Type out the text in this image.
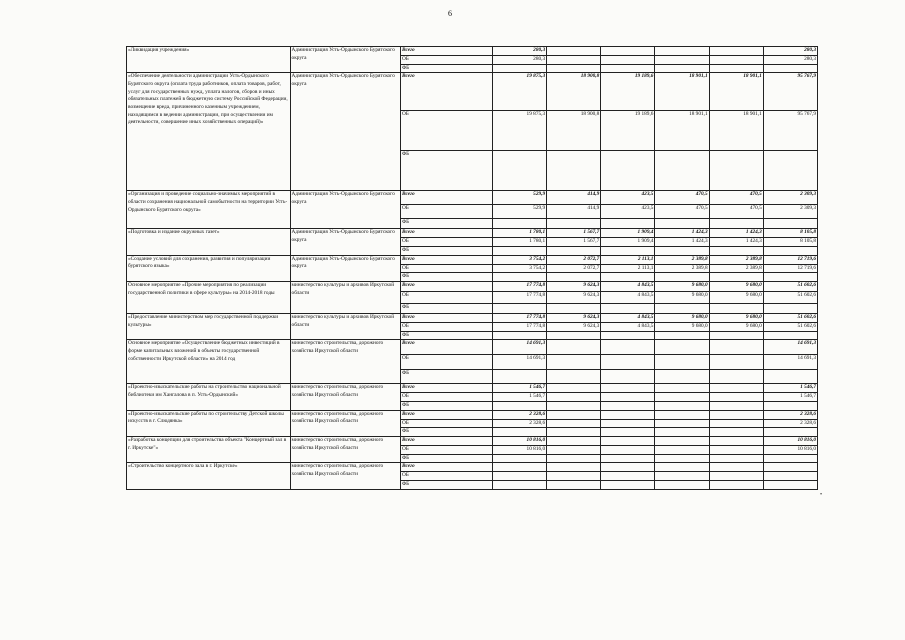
6
«Ликвидация учреждения»	Администрация Усть-Ордынского Бурятского округа	Всего	280,3					280,3
		ОБ	280,3					280,3
		ФБ						
«Обеспечение деятельности администрации Усть-Ордынского Бурятского округа (оплата труда работников, оплата товаров, работ, услуг для государственных нужд, уплата налогов, сборов и иных обязательных платежей в бюджетную систему Российской Федерации, возмещение вреда, причиненного казенным учреждением, находящимся в ведении администрации, при осуществлении им деятельности, совершение иных хозяйственных операций)»	Администрация Усть-Ордынского Бурятского округа	Всего	19 875,3	18 900,8	19 189,6	18 901,1	18 901,1	95 767,9
		ОБ	19 875,3	18 900,8	19 189,6	18 901,1	18 901,1	95 767,9
		ФБ						
«Организация и проведение социально-значимых мероприятий в области сохранения национальной самобытности на территории Усть-Ордынского Бурятского округа»	Администрация Усть-Ордынского Бурятского округа	Всего	529,9	414,9	423,5	470,5	470,5	2 309,3
		ОБ	529,9	414,9	423,5	470,5	470,5	2 309,3
		ФБ						
«Подготовка и издание окружных газет»	Администрация Усть-Ордынского Бурятского округа	Всего	1 780,1	1 567,7	1 909,4	1 424,3	1 424,3	8 105,8
		ОБ	1 780,1	1 567,7	1 909,4	1 424,3	1 424,3	8 105,8
		ФБ						
«Создание условий для сохранения, развития и популяризации бурятского языка»	Администрация Усть-Ордынского Бурятского округа	Всего	3 754,2	2 072,7	2 113,1	2 389,8	2 389,8	12 719,6
		ОБ	3 754,2	2 072,7	2 113,1	2 389,8	2 389,8	12 719,6
		ФБ						
Основное мероприятие «Прочие мероприятия по реализации государственной политики в сфере культуры» на 2014-2018 годы	министерство культуры и архивов Иркутской области	Всего	17 774,8	9 624,3	4 843,5	9 680,0	9 680,0	51 602,6
		ОБ	17 774,8	9 624,3	4 843,5	9 680,0	9 680,0	51 602,6
		ФБ						
«Предоставление министерством мер государственной поддержки культуры»	министерство культуры и архивов Иркутской области	Всего	17 774,8	9 624,3	4 843,5	9 680,0	9 680,0	51 602,6
		ОБ	17 774,8	9 624,3	4 843,5	9 680,0	9 680,0	51 602,6
		ФБ						
Основное мероприятие «Осуществление бюджетных инвестиций в форме капитальных вложений в объекты государственной собственности Иркутской области» на 2014 год	министерство строительства, дорожного хозяйства Иркутской области	Всего	14 691,3					14 691,3
		ОБ	14 691,3					14 691,3
		ФБ						
«Проектно-изыскательские работы на строительство национальной библиотеки им Хангалова в п. Усть-Ордынский»	министерство строительства, дорожного хозяйства Иркутской области	Всего	1 546,7					1 546,7
		ОБ	1 546,7					1 546,7
		ФБ						
«Проектно-изыскательские работы по строительству Детской школы искусств в г. Слюдянка»	министерство строительства, дорожного хозяйства Иркутской области	Всего	2 328,6					2 328,6
		ОБ	2 328,6					2 328,6
		ФБ						
«Разработка концепции для строительства объекта "Концертный зал в г. Иркутске"»	министерство строительства, дорожного хозяйства Иркутской области	Всего	10 816,0					10 816,0
		ОБ	10 816,0					10 816,0
		ФБ						
«Строительство концертного зала в г. Иркутске»	министерство строительства, дорожного хозяйства Иркутской области	Всего						
		ОБ						
		ФБ						
•
